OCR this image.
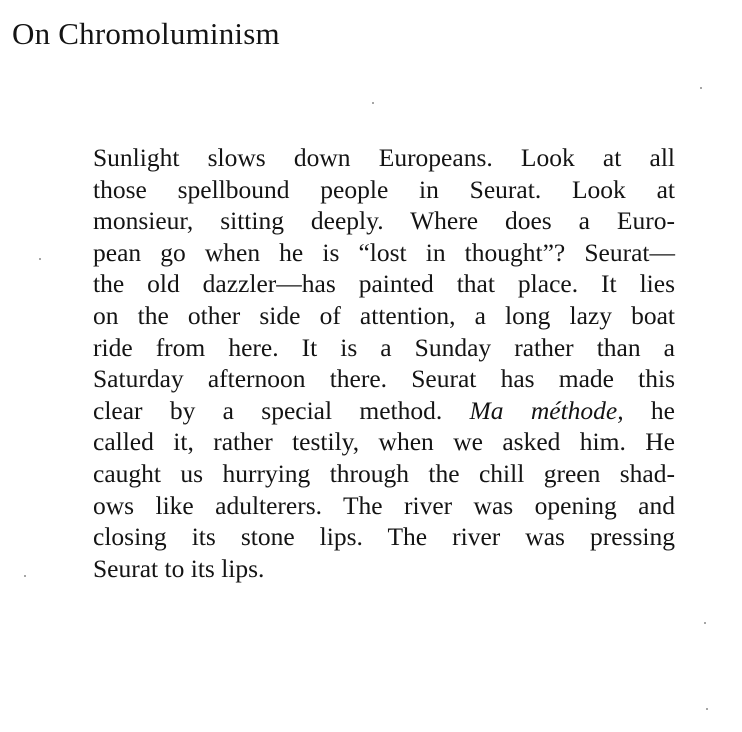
On Chromoluminism
Sunlight slows down Europeans. Look at all
those spellbound people in Seurat. Look at
monsieur, sitting deeply. Where does a Euro-
pean go when he is “lost in thought”? Seurat—
the old dazzler—has painted that place. It lies
on the other side of attention, a long lazy boat
ride from here. It is a Sunday rather than a
Saturday afternoon there. Seurat has made this
clear by a special method. Ma méthode, he
called it, rather testily, when we asked him. He
caught us hurrying through the chill green shad-
ows like adulterers. The river was opening and
closing its stone lips. The river was pressing
Seurat to its lips.
